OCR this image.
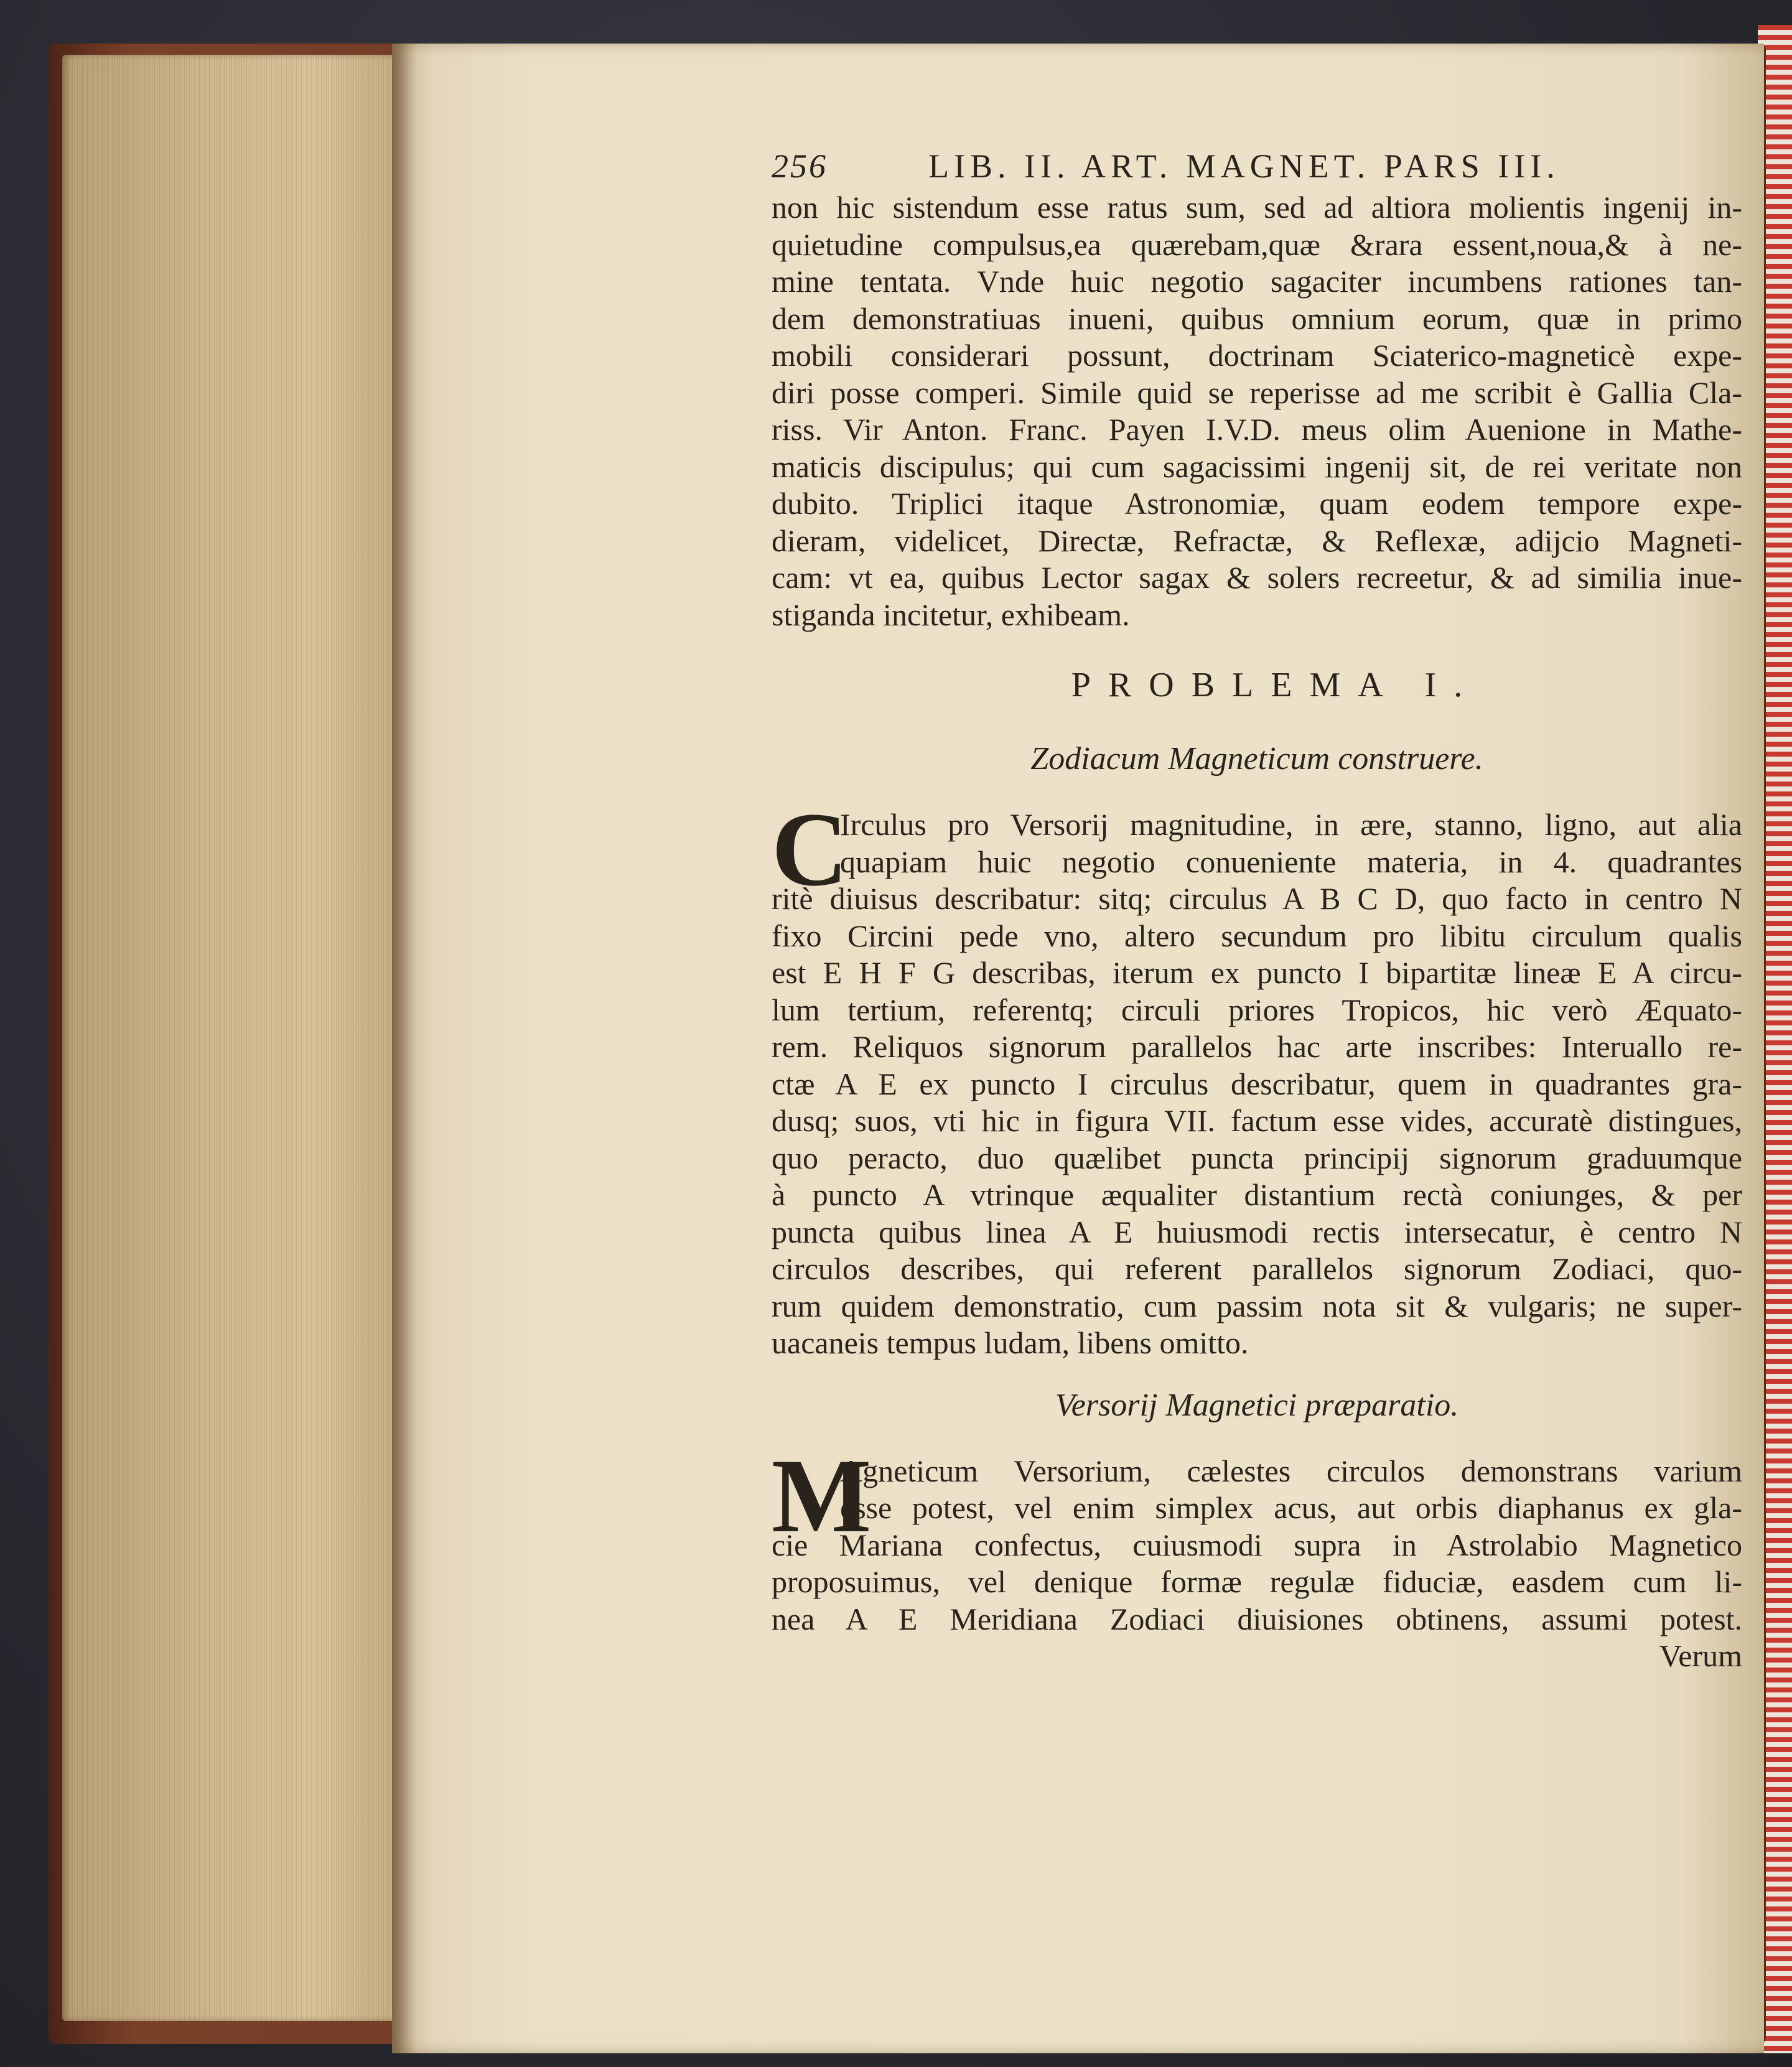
256	LIB. II. ART. MAGNET. PARS III.
non hic sistendum esse ratus sum, sed ad altiora molientis ingenij in-
quietudine compulsus,ea quærebam,quæ &rara essent,noua,& à ne-
mine tentata. Vnde huic negotio sagaciter incumbens rationes tan-
dem demonstratiuas inueni, quibus omnium eorum, quæ in primo
mobili considerari possunt, doctrinam Sciaterico-magneticè expe-
diri posse comperi. Simile quid se reperisse ad me scribit è Gallia Cla-
riss. Vir Anton. Franc. Payen I.V.D. meus olim Auenione in Mathe-
maticis discipulus; qui cum sagacissimi ingenij sit, de rei veritate non
dubito. Triplici itaque Astronomiæ, quam eodem tempore expe-
dieram, videlicet, Directæ, Refractæ, & Reflexæ, adijcio Magneti-
cam: vt ea, quibus Lector sagax & solers recreetur, & ad similia inue-
stiganda incitetur, exhibeam.
PROBLEMA I.
Zodiacum Magneticum construere.
C
Irculus pro Versorij magnitudine, in ære, stanno, ligno, aut alia
quapiam huic negotio conueniente materia, in 4. quadrantes
ritè diuisus describatur: sitq; circulus A B C D, quo facto in centro N
fixo Circini pede vno, altero secundum pro libitu circulum qualis
est E H F G describas, iterum ex puncto I bipartitæ lineæ E A circu-
lum tertium, referentq; circuli priores Tropicos, hic verò Æquato-
rem. Reliquos signorum parallelos hac arte inscribes: Interuallo re-
ctæ A E ex puncto I circulus describatur, quem in quadrantes gra-
dusq; suos, vti hic in figura VII. factum esse vides, accuratè distingues,
quo peracto, duo quælibet puncta principij signorum graduumque
à puncto A vtrinque æqualiter distantium rectà coniunges, & per
puncta quibus linea A E huiusmodi rectis intersecatur, è centro N
circulos describes, qui referent parallelos signorum Zodiaci, quo-
rum quidem demonstratio, cum passim nota sit & vulgaris; ne super-
uacaneis tempus ludam, libens omitto.
Versorij Magnetici præparatio.
M
Agneticum Versorium, cælestes circulos demonstrans varium
esse potest, vel enim simplex acus, aut orbis diaphanus ex gla-
cie Mariana confectus, cuiusmodi supra in Astrolabio Magnetico
proposuimus, vel denique formæ regulæ fiduciæ, easdem cum li-
nea A E Meridiana Zodiaci diuisiones obtinens, assumi potest.
Verum
